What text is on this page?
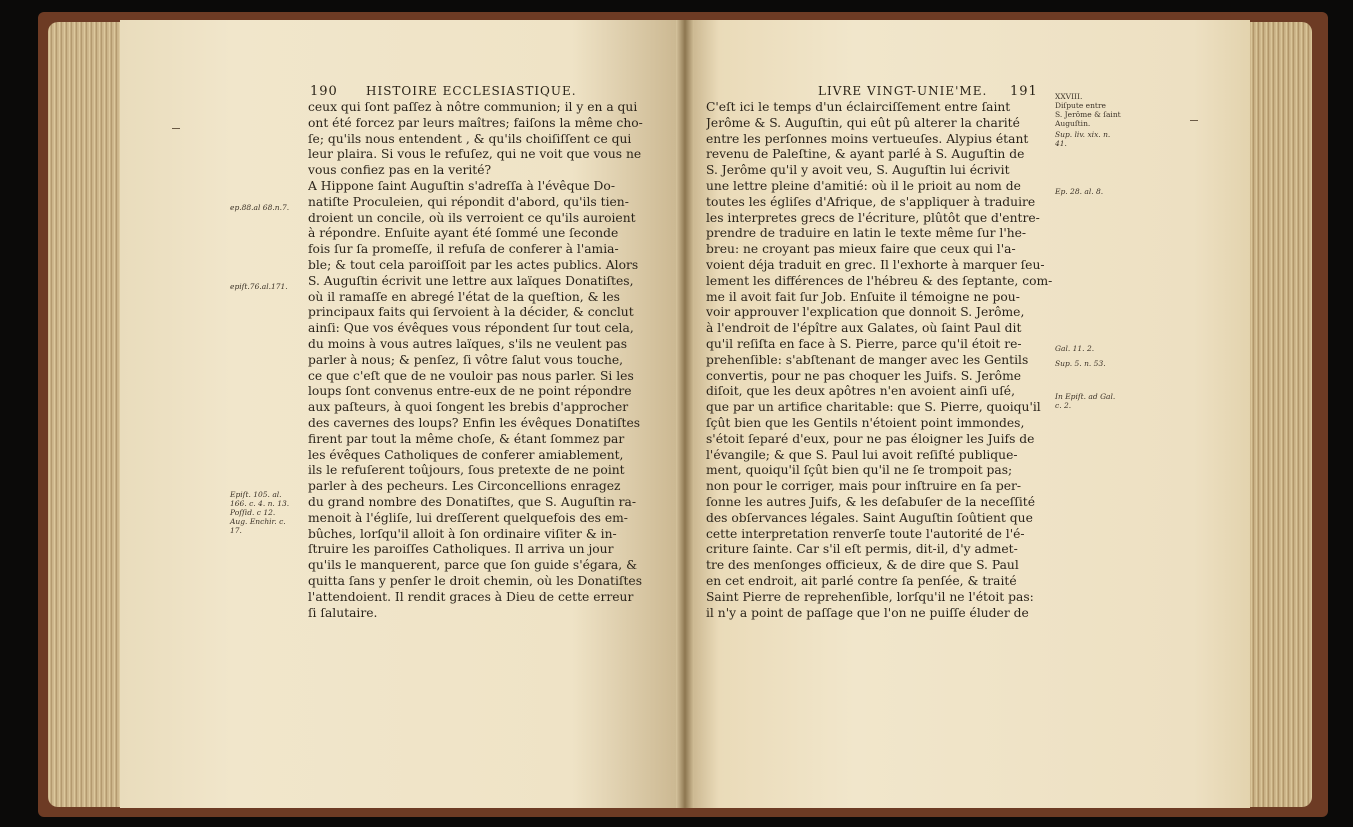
190 HISTOIRE ECCLESIASTIQUE.
ceux qui ſont paſſez à nôtre communion; il y en a qui
ont été forcez par leurs maîtres; faiſons la même cho-
ſe; qu'ils nous entendent , & qu'ils choiſiſſent ce qui
leur plaira. Si vous le refuſez, qui ne voit que vous ne
vous confiez pas en la verité?
A Hippone ſaint Auguſtin s'adreſſa à l'évêque Do-
natiſte Proculeien, qui répondit d'abord, qu'ils tien-
droient un concile, où ils verroient ce qu'ils auroient
à répondre. Enſuite ayant été ſommé une ſeconde
fois ſur ſa promeſſe, il refuſa de conferer à l'amia-
ble; & tout cela paroiſſoit par les actes publics. Alors
S. Auguſtin écrivit une lettre aux laïques Donatiſtes,
où il ramaſſe en abregé l'état de la queſtion, & les
principaux faits qui ſervoient à la décider, & conclut
ainſi: Que vos évêques vous répondent ſur tout cela,
du moins à vous autres laïques, s'ils ne veulent pas
parler à nous; & penſez, ſi vôtre ſalut vous touche,
ce que c'eſt que de ne vouloir pas nous parler. Si les
loups ſont convenus entre-eux de ne point répondre
aux paſteurs, à quoi ſongent les brebis d'approcher
des cavernes des loups? Enfin les évêques Donatiſtes
firent par tout la même choſe, & étant ſommez par
les évêques Catholiques de conferer amiablement,
ils le refuſerent toûjours, ſous pretexte de ne point
parler à des pecheurs. Les Circoncellions enragez
du grand nombre des Donatiſtes, que S. Auguſtin ra-
menoit à l'égliſe, lui dreſſerent quelquefois des em-
bûches, lorſqu'il alloit à ſon ordinaire viſiter & in-
ſtruire les paroiſſes Catholiques. Il arriva un jour
qu'ils le manquerent, parce que ſon guide s'égara, &
quitta ſans y penſer le droit chemin, où les Donatiſtes
l'attendoient. Il rendit graces à Dieu de cette erreur
ſi ſalutaire.
ep.88.al 68.n.7.
epiſt.76.al.171.
Epiſt. 105. al.
166. c. 4. n. 13.
Poſſid. c 12.
Aug. Enchir. c.
17.
LIVRE VINGT-UNIE'ME. 191
C'eſt ici le temps d'un éclairciſſement entre ſaint
Jerôme & S. Auguſtin, qui eût pû alterer la charité
entre les perſonnes moins vertueuſes. Alypius étant
revenu de Paleſtine, & ayant parlé à S. Auguſtin de
S. Jerôme qu'il y avoit veu, S. Auguſtin lui écrivit
une lettre pleine d'amitié: où il le prioit au nom de
toutes les égliſes d'Afrique, de s'appliquer à traduire
les interpretes grecs de l'écriture, plûtôt que d'entre-
prendre de traduire en latin le texte même ſur l'he-
breu: ne croyant pas mieux faire que ceux qui l'a-
voient déja traduit en grec. Il l'exhorte à marquer ſeu-
lement les différences de l'hébreu & des ſeptante, com-
me il avoit fait ſur Job. Enſuite il témoigne ne pou-
voir approuver l'explication que donnoit S. Jerôme,
à l'endroit de l'épître aux Galates, où ſaint Paul dit
qu'il reſiſta en face à S. Pierre, parce qu'il étoit re-
prehenſible: s'abſtenant de manger avec les Gentils
convertis, pour ne pas choquer les Juifs. S. Jerôme
diſoit, que les deux apôtres n'en avoient ainſi uſé,
que par un artifice charitable: que S. Pierre, quoiqu'il
ſçût bien que les Gentils n'étoient point immondes,
s'étoit ſeparé d'eux, pour ne pas éloigner les Juifs de
l'évangile; & que S. Paul lui avoit reſiſté publique-
ment, quoiqu'il ſçût bien qu'il ne ſe trompoit pas;
non pour le corriger, mais pour inſtruire en ſa per-
ſonne les autres Juifs, & les deſabuſer de la neceſſité
des obſervances légales. Saint Auguſtin ſoûtient que
cette interpretation renverſe toute l'autorité de l'é-
criture ſainte. Car s'il eſt permis, dit-il, d'y admet-
tre des menſonges officieux, & de dire que S. Paul
en cet endroit, ait parlé contre ſa penſée, & traité
Saint Pierre de reprehenſible, lorſqu'il ne l'étoit pas:
il n'y a point de paſſage que l'on ne puiſſe éluder de
XXVIII.
Diſpute entre
S. Jerôme & ſaint
Auguſtin.
Sup. liv. xix. n.
41.
Ep. 28. al. 8.
Gal. 11. 2.
Sup. 5. n. 53.
In Epiſt. ad Gal.
c. 2.
